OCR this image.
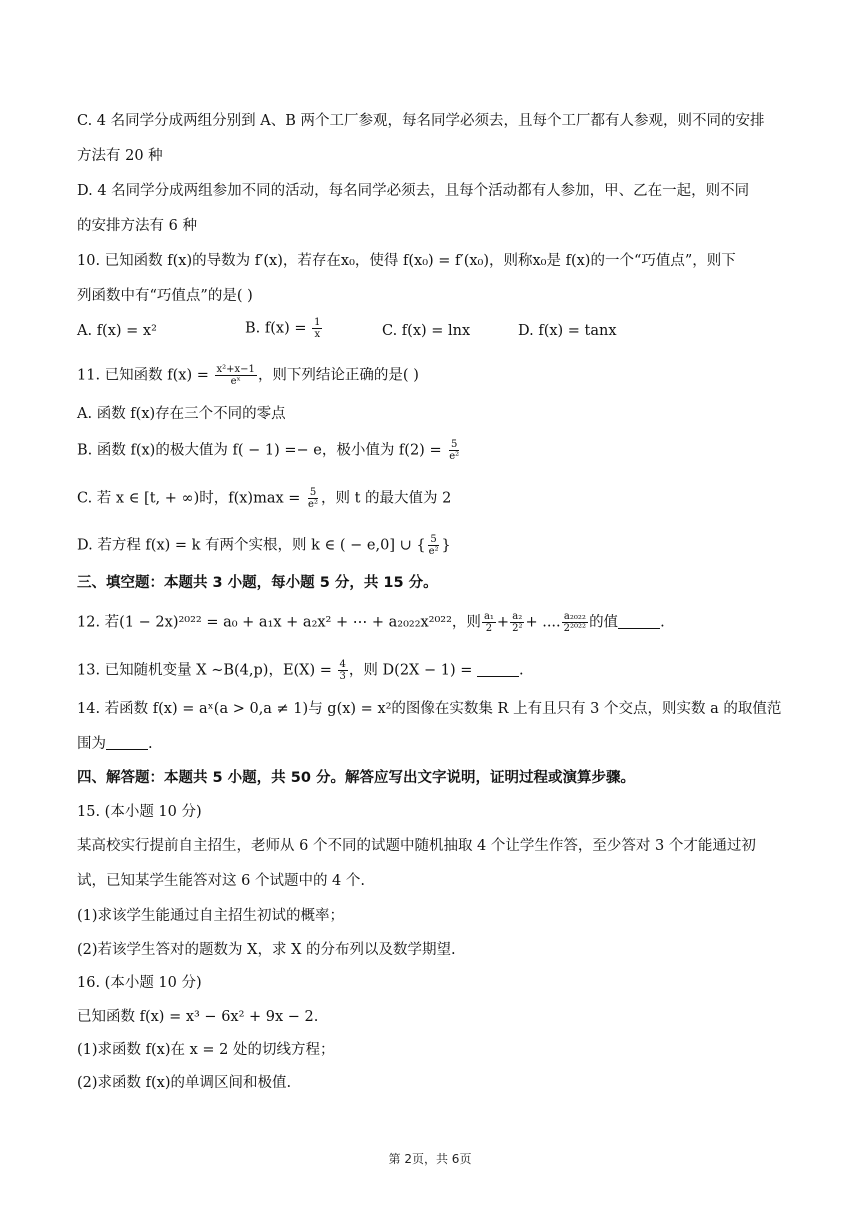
C. 4 名同学分成两组分别到 A、B 两个工厂参观，每名同学必须去，且每个工厂都有人参观，则不同的安排
方法有 20 种
D. 4 名同学分成两组参加不同的活动，每名同学必须去，且每个活动都有人参加，甲、乙在一起，则不同
的安排方法有 6 种
10. 已知函数 f(x)的导数为 f′(x)，若存在x₀，使得 f(x₀) = f′(x₀)，则称x₀是 f(x)的一个“巧值点”，则下
列函数中有“巧值点”的是( )
A. f(x) = x²	B. $f(x) = \frac{1}{x}$	C. f(x) = lnx	D. f(x) = tanx
11. 已知函数 $f(x) = \frac{\text{x²+x−1}}{\text{eˣ}}$ ，则下列结论正确的是( )
A. 函数 f(x)存在三个不同的零点
B. 函数 f(x)的极大值为 f( − 1) =− e，极小值为 $f(2) = \frac{5}{\text{e²}}$
C. 若 x ∈ [t, + ∞)时，$f(x)\max = \frac{5}{\text{e²}}$ ，则 t 的最大值为 2
D. 若方程 f(x) = k 有两个实根，则 k ∈ ( − e,0] ∪ { $\frac{5}{\text{e²}}$ }
三、填空题：本题共 3 小题，每小题 5 分，共 15 分。
12. 若(1 − 2x)²⁰²² = a₀ + a₁x + a₂x² + ⋯ + a₂₀₂₂x²⁰²²，则 $\frac{\text{a₁}}{2} + \frac{\text{a₂}}{\text{2²}}$ + .... $\frac{\text{a₂₀₂₂}}{\text{2²⁰²²}}$ 的值	.
13. 已知随机变量 X ∼B(4,p)，$E(X) = \frac{4}{3}$ ，则 D(2X − 1) =	.
14. 若函数 f(x) = aˣ(a > 0,a ≠ 1)与 g(x) = x²的图像在实数集 R 上有且只有 3 个交点，则实数 a 的取值范
围为	.
四、解答题：本题共 5 小题，共 50 分。解答应写出文字说明，证明过程或演算步骤。
15. (本小题 10 分)
某高校实行提前自主招生，老师从 6 个不同的试题中随机抽取 4 个让学生作答，至少答对 3 个才能通过初
试，已知某学生能答对这 6 个试题中的 4 个.
(1)求该学生能通过自主招生初试的概率；
(2)若该学生答对的题数为 X，求 X 的分布列以及数学期望.
16. (本小题 10 分)
已知函数 f(x) = x³ − 6x² + 9x − 2.
(1)求函数 f(x)在 x = 2 处的切线方程；
(2)求函数 f(x)的单调区间和极值.
第 2页，共 6页
